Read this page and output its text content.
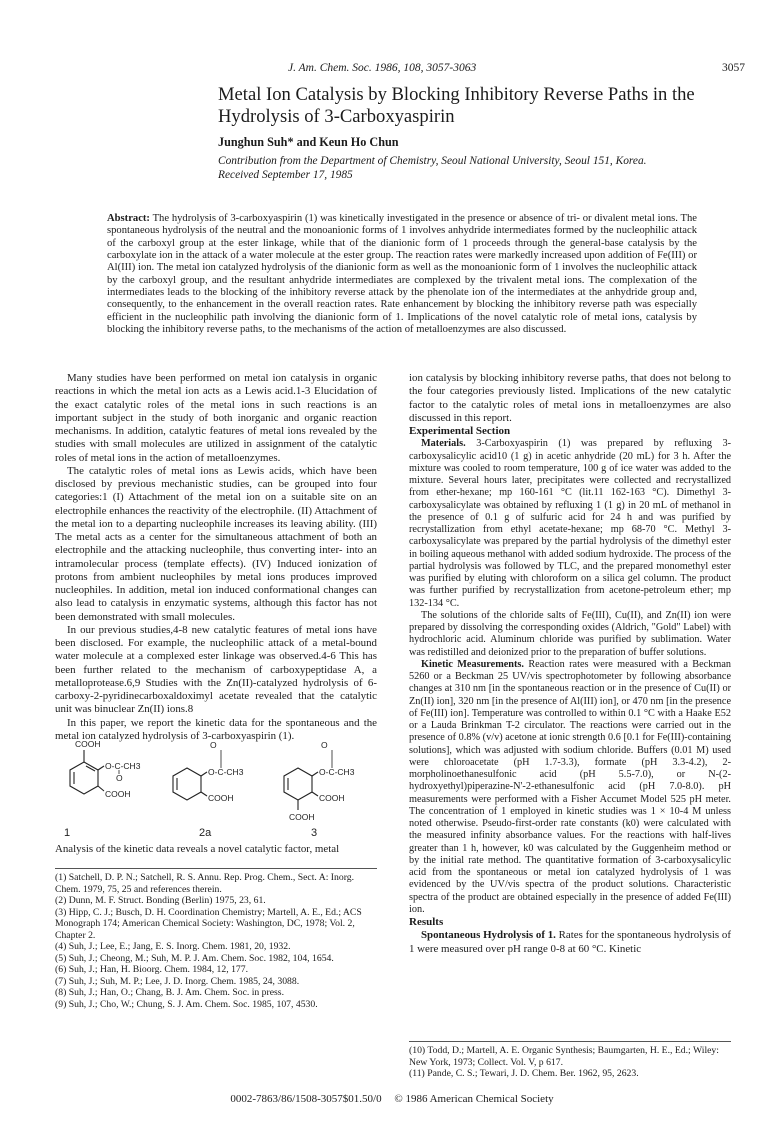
J. Am. Chem. Soc. 1986, 108, 3057-3063	3057
Metal Ion Catalysis by Blocking Inhibitory Reverse Paths in the Hydrolysis of 3-Carboxyaspirin
Junghun Suh* and Keun Ho Chun
Contribution from the Department of Chemistry, Seoul National University, Seoul 151, Korea.
Received September 17, 1985
Abstract: The hydrolysis of 3-carboxyaspirin (1) was kinetically investigated in the presence or absence of tri- or divalent metal ions. The spontaneous hydrolysis of the neutral and the monoanionic forms of 1 involves anhydride intermediates formed by the nucleophilic attack of the carboxyl group at the ester linkage, while that of the dianionic form of 1 proceeds through the general-base catalysis by the carboxylate ion in the attack of a water molecule at the ester group. The reaction rates were markedly increased upon addition of Fe(III) or Al(III) ion. The metal ion catalyzed hydrolysis of the dianionic form as well as the monoanionic form of 1 involves the nucleophilic attack by the carboxyl group, and the resultant anhydride intermediates are complexed by the trivalent metal ions. The complexation of the intermediates leads to the blocking of the inhibitory reverse attack by the phenolate ion of the intermediates at the anhydride group and, consequently, to the enhancement in the overall reaction rates. Rate enhancement by blocking the inhibitory reverse path was especially efficient in the nucleophilic path involving the dianionic form of 1. Implications of the novel catalytic role of metal ions, catalysis by blocking the inhibitory reverse paths, to the mechanisms of the action of metalloenzymes are also discussed.

Many studies have been performed on metal ion catalysis in organic reactions in which the metal ion acts as a Lewis acid.1-3 Elucidation of the exact catalytic roles of the metal ions in such reactions is an important subject in the study of both inorganic and organic reaction mechanisms. In addition, catalytic features of metal ions revealed by the studies with small molecules are utilized in assignment of the catalytic roles of metal ions in the action of metalloenzymes.

The catalytic roles of metal ions as Lewis acids, which have been disclosed by previous mechanistic studies, can be grouped into four categories:1 (I) Attachment of the metal ion on a suitable site on an electrophile enhances the reactivity of the electrophile. (II) Attachment of the metal ion to a departing nucleophile increases its leaving ability. (III) The metal acts as a center for the simultaneous attachment of both an electrophile and the attacking nucleophile, thus converting inter- into an intramolecular process (template effects). (IV) Induced ionization of protons from ambient nucleophiles by metal ions produces improved nucleophiles. In addition, metal ion induced conformational changes can also lead to catalysis in enzymatic systems, although this factor has not been demonstrated with small molecules.

In our previous studies,4-8 new catalytic features of metal ions have been disclosed. For example, the nucleophilic attack of a metal-bound water molecule at a complexed ester linkage was observed.4-6 This has been further related to the mechanism of carboxypeptidase A, a metalloprotease.6,9 Studies with the Zn(II)-catalyzed hydrolysis of 6-carboxy-2-pyridinecarboxaldoximyl acetate revealed that the catalytic unit was binuclear Zn(II) ions.8

In this paper, we report the kinetic data for the spontaneous and the metal ion catalyzed hydrolysis of 3-carboxyaspirin (1).

COOH
O-C-CH3
O
COOH
O
O-C-CH3
COOH
O
O-C-CH3
COOH
COOH
1	2a	3
Analysis of the kinetic data reveals a novel catalytic factor, metal
(1) Satchell, D. P. N.; Satchell, R. S. Annu. Rep. Prog. Chem., Sect. A: Inorg. Chem. 1979, 75, 25 and references therein.
(2) Dunn, M. F. Struct. Bonding (Berlin) 1975, 23, 61.
(3) Hipp, C. J.; Busch, D. H. Coordination Chemistry; Martell, A. E., Ed.; ACS Monograph 174; American Chemical Society: Washington, DC, 1978; Vol. 2, Chapter 2.
(4) Suh, J.; Lee, E.; Jang, E. S. Inorg. Chem. 1981, 20, 1932.
(5) Suh, J.; Cheong, M.; Suh, M. P. J. Am. Chem. Soc. 1982, 104, 1654.
(6) Suh, J.; Han, H. Bioorg. Chem. 1984, 12, 177.
(7) Suh, J.; Suh, M. P.; Lee, J. D. Inorg. Chem. 1985, 24, 3088.
(8) Suh, J.; Han, O.; Chang, B. J. Am. Chem. Soc. in press.
(9) Suh, J.; Cho, W.; Chung, S. J. Am. Chem. Soc. 1985, 107, 4530.

ion catalysis by blocking inhibitory reverse paths, that does not belong to the four categories previously listed. Implications of the new catalytic factor to the catalytic roles of metal ions in metalloenzymes are also discussed in this report.

Experimental Section

Materials. 3-Carboxyaspirin (1) was prepared by refluxing 3-carboxysalicylic acid10 (1 g) in acetic anhydride (20 mL) for 3 h. After the mixture was cooled to room temperature, 100 g of ice water was added to the mixture. Several hours later, precipitates were collected and recrystallized from ether-hexane; mp 160-161 °C (lit.11 162-163 °C). Dimethyl 3-carboxysalicylate was obtained by refluxing 1 (1 g) in 20 mL of methanol in the presence of 0.1 g of sulfuric acid for 24 h and was purified by recrystallization from ethyl acetate-hexane; mp 68-70 °C. Methyl 3-carboxysalicylate was prepared by the partial hydrolysis of the dimethyl ester in boiling aqueous methanol with added sodium hydroxide. The process of the partial hydrolysis was followed by TLC, and the prepared monomethyl ester was purified by eluting with chloroform on a silica gel column. The product was further purified by recrystallization from acetone-petroleum ether; mp 132-134 °C.

The solutions of the chloride salts of Fe(III), Cu(II), and Zn(II) ion were prepared by dissolving the corresponding oxides (Aldrich, "Gold" Label) with hydrochloric acid. Aluminum chloride was purified by sublimation. Water was redistilled and deionized prior to the preparation of buffer solutions.

Kinetic Measurements. Reaction rates were measured with a Beckman 5260 or a Beckman 25 UV/vis spectrophotometer by following absorbance changes at 310 nm [in the spontaneous reaction or in the presence of Cu(II) or Zn(II) ion], 320 nm [in the presence of Al(III) ion], or 470 nm [in the presence of Fe(III) ion]. Temperature was controlled to within 0.1 °C with a Haake E52 or a Lauda Brinkman T-2 circulator. The reactions were carried out in the presence of 0.8% (v/v) acetone at ionic strength 0.6 [0.1 for Fe(III)-containing solutions], which was adjusted with sodium chloride. Buffers (0.01 M) used were chloroacetate (pH 1.7-3.3), formate (pH 3.3-4.2), 2-morpholinoethanesulfonic acid (pH 5.5-7.0), or N-(2-hydroxyethyl)piperazine-N'-2-ethanesulfonic acid (pH 7.0-8.0). pH measurements were performed with a Fisher Accumet Model 525 pH meter. The concentration of 1 employed in kinetic studies was 1 × 10-4 M unless noted otherwise. Pseudo-first-order rate constants (k0) were calculated with the measured infinity absorbance values. For the reactions with half-lives greater than 1 h, however, k0 was calculated by the Guggenheim method or by the initial rate method. The quantitative formation of 3-carboxysalicylic acid from the spontaneous or metal ion catalyzed hydrolysis of 1 was evidenced by the UV/vis spectra of the product solutions. Characteristic spectra of the product are obtained especially in the presence of added Fe(III) ion.

Results

Spontaneous Hydrolysis of 1. Rates for the spontaneous hydrolysis of 1 were measured over pH range 0-8 at 60 °C. Kinetic

(10) Todd, D.; Martell, A. E. Organic Synthesis; Baumgarten, H. E., Ed.; Wiley: New York, 1973; Collect. Vol. V, p 617.
(11) Pande, C. S.; Tewari, J. D. Chem. Ber. 1962, 95, 2623.
0002-7863/86/1508-3057$01.50/0 © 1986 American Chemical Society
